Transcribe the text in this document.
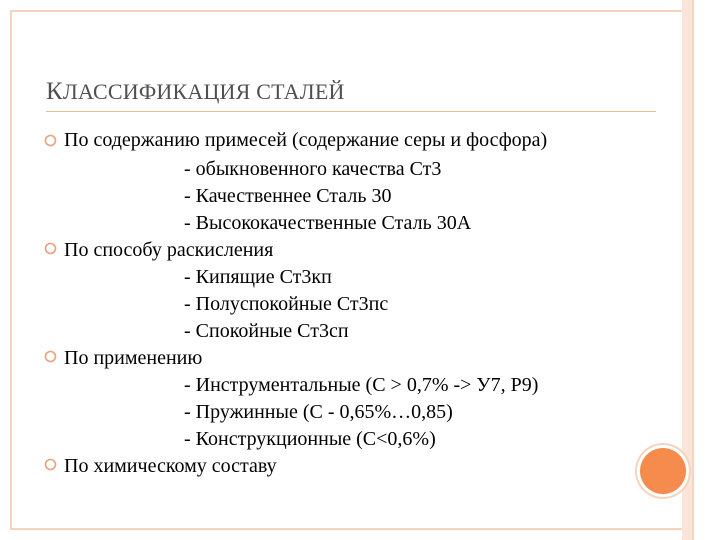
КЛАССИФИКАЦИЯ СТАЛЕЙ
По содержанию примесей (содержание серы и фосфора)
- обыкновенного качества Ст3
- Качественнее Сталь 30
- Высококачественные Сталь 30А
По способу раскисления
- Кипящие Ст3кп
- Полуспокойные Ст3пс
- Спокойные Ст3сп
По применению
- Инструментальные (С > 0,7% -> У7, Р9)
- Пружинные (С - 0,65%…0,85)
- Конструкционные (С<0,6%)
По химическому составу
